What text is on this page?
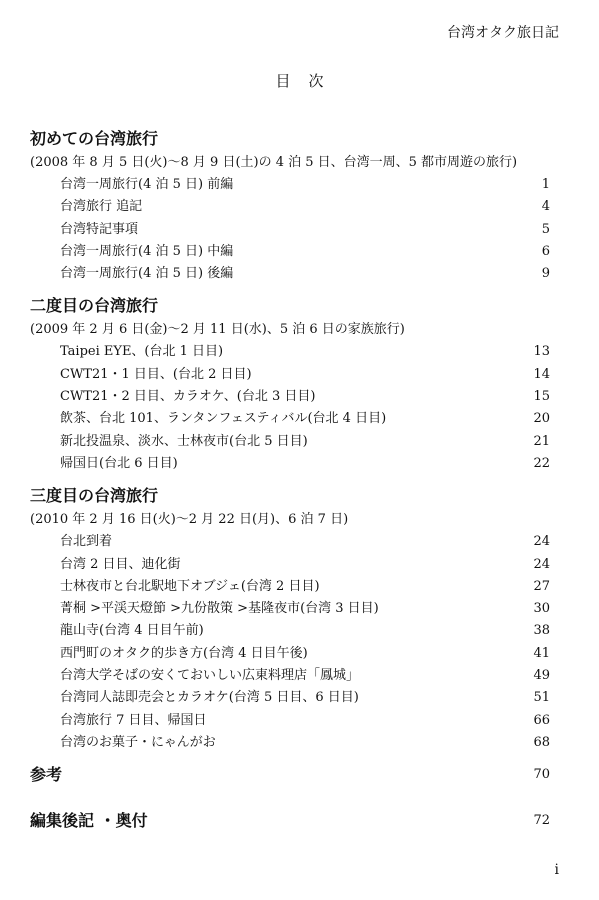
台湾オタク旅日記
目次
初めての台湾旅行
(2008 年 8 月 5 日(火)～8 月 9 日(土)の 4 泊 5 日、台湾一周、5 都市周遊の旅行)
台湾一周旅行(4 泊 5 日) 前編	1
台湾旅行 追記	4
台湾特記事項	5
台湾一周旅行(4 泊 5 日) 中編	6
台湾一周旅行(4 泊 5 日) 後編	9
二度目の台湾旅行
(2009 年 2 月 6 日(金)～2 月 11 日(水)、5 泊 6 日の家族旅行)
Taipei EYE、(台北 1 日目)	13
CWT21・1 日目、(台北 2 日目)	14
CWT21・2 日目、カラオケ、(台北 3 日目)	15
飲茶、台北 101、ランタンフェスティバル(台北 4 日目)	20
新北投温泉、淡水、士林夜市(台北 5 日目)	21
帰国日(台北 6 日目)	22
三度目の台湾旅行
(2010 年 2 月 16 日(火)～2 月 22 日(月)、6 泊 7 日)
台北到着	24
台湾 2 日目、迪化街	24
士林夜市と台北駅地下オブジェ(台湾 2 日目)	27
菁桐 >平渓天燈節 >九份散策 >基隆夜市(台湾 3 日目)	30
龍山寺(台湾 4 日目午前)	38
西門町のオタク的歩き方(台湾 4 日目午後)	41
台湾大学そばの安くておいしい広東料理店「鳳城」	49
台湾同人誌即売会とカラオケ(台湾 5 日目、6 日目)	51
台湾旅行 7 日目、帰国日	66
台湾のお菓子・にゃんがお	68
参考	70
編集後記 ・奥付	72
i
